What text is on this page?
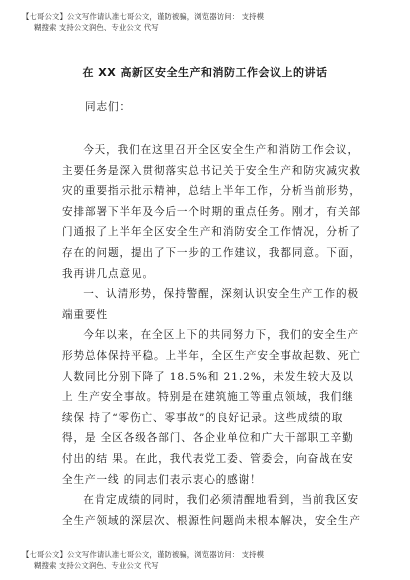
【七哥公文】公文写作请认准七哥公文，谨防被骗，浏览器访问： 支持模
糊搜索 支持公文润色、专业公文 代写
在 XX 高新区安全生产和消防工作会议上的讲话
同志们：

今天，我们在这里召开全区安全生产和消防工作会议，主要任务是深入贯彻落实总书记关于安全生产和防灾减灾救灾的重要指示批示精神，总结上半年工作，分析当前形势，安排部署下半年及今后一个时期的重点任务。刚才，有关部门通报了上半年全区安全生产和消防安全工作情况，分析了存在的问题，提出了下一步的工作建议，我都同意。下面，我再讲几点意见。

一、认清形势，保持警醒，深刻认识安全生产工作的极端重要性

今年以来，在全区上下的共同努力下，我们的安全生产形势总体保持平稳。上半年，全区生产安全事故起数、死亡人数同比分别下降了 18.5%和 21.2%，未发生较大及以上 生产安全事故。特别是在建筑施工等重点领域，我们继续保 持了“零伤亡、零事故”的良好记录。这些成绩的取得，是 全区各级各部门、各企业单位和广大干部职工辛勤付出的结 果。在此，我代表党工委、管委会，向奋战在安全生产一线 的同志们表示衷心的感谢！

在肯定成绩的同时，我们必须清醒地看到，当前我区安全生产领域的深层次、根源性问题尚未根本解决，安全生产

【七哥公文】公文写作请认准七哥公文，谨防被骗，浏览器访问： 支持模
糊搜索 支持公文润色、专业公文 代写
